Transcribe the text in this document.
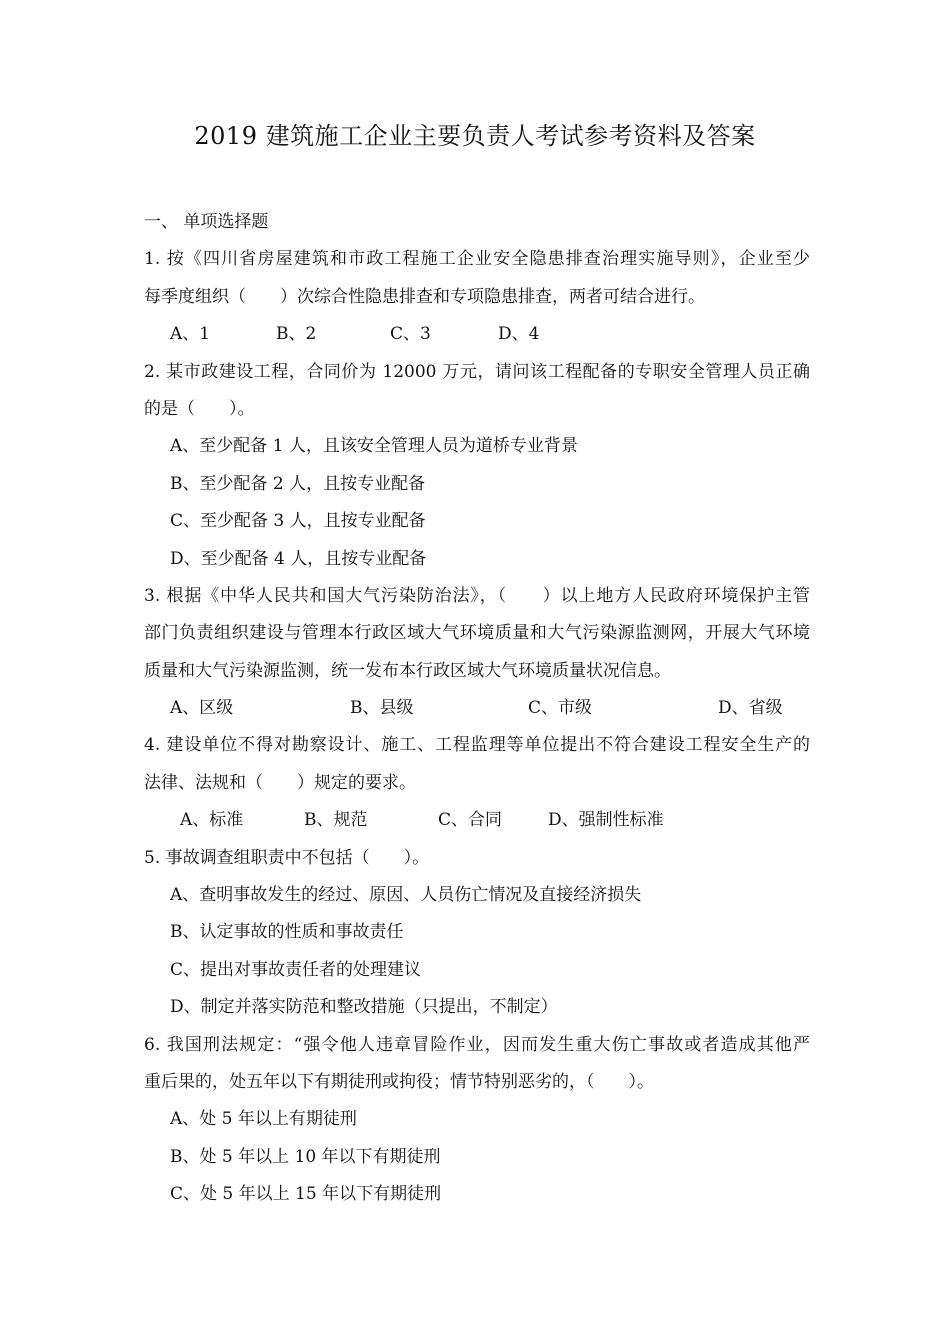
2019 建筑施工企业主要负责人考试参考资料及答案
一、 单项选择题
1. 按《四川省房屋建筑和市政工程施工企业安全隐患排查治理实施导则》，企业至少
每季度组织（　　）次综合性隐患排查和专项隐患排查，两者可结合进行。
A、1	B、2	C、3	D、4
2. 某市政建设工程，合同价为 12000 万元，请问该工程配备的专职安全管理人员正确
的是（　　）。
A、至少配备 1 人，且该安全管理人员为道桥专业背景
B、至少配备 2 人，且按专业配备
C、至少配备 3 人，且按专业配备
D、至少配备 4 人，且按专业配备
3. 根据《中华人民共和国大气污染防治法》，（　　）以上地方人民政府环境保护主管
部门负责组织建设与管理本行政区域大气环境质量和大气污染源监测网，开展大气环境
质量和大气污染源监测，统一发布本行政区域大气环境质量状况信息。
A、区级	B、县级	C、市级	D、省级
4. 建设单位不得对勘察设计、施工、工程监理等单位提出不符合建设工程安全生产的
法律、法规和（　　）规定的要求。
A、标准	B、规范	C、合同	D、强制性标准
5. 事故调查组职责中不包括（　　）。
A、查明事故发生的经过、原因、人员伤亡情况及直接经济损失
B、认定事故的性质和事故责任
C、提出对事故责任者的处理建议
D、制定并落实防范和整改措施（只提出，不制定）
6. 我国刑法规定：“强令他人违章冒险作业，因而发生重大伤亡事故或者造成其他严
重后果的，处五年以下有期徒刑或拘役；情节特别恶劣的，（　　）。
A、处 5 年以上有期徒刑
B、处 5 年以上 10 年以下有期徒刑
C、处 5 年以上 15 年以下有期徒刑
